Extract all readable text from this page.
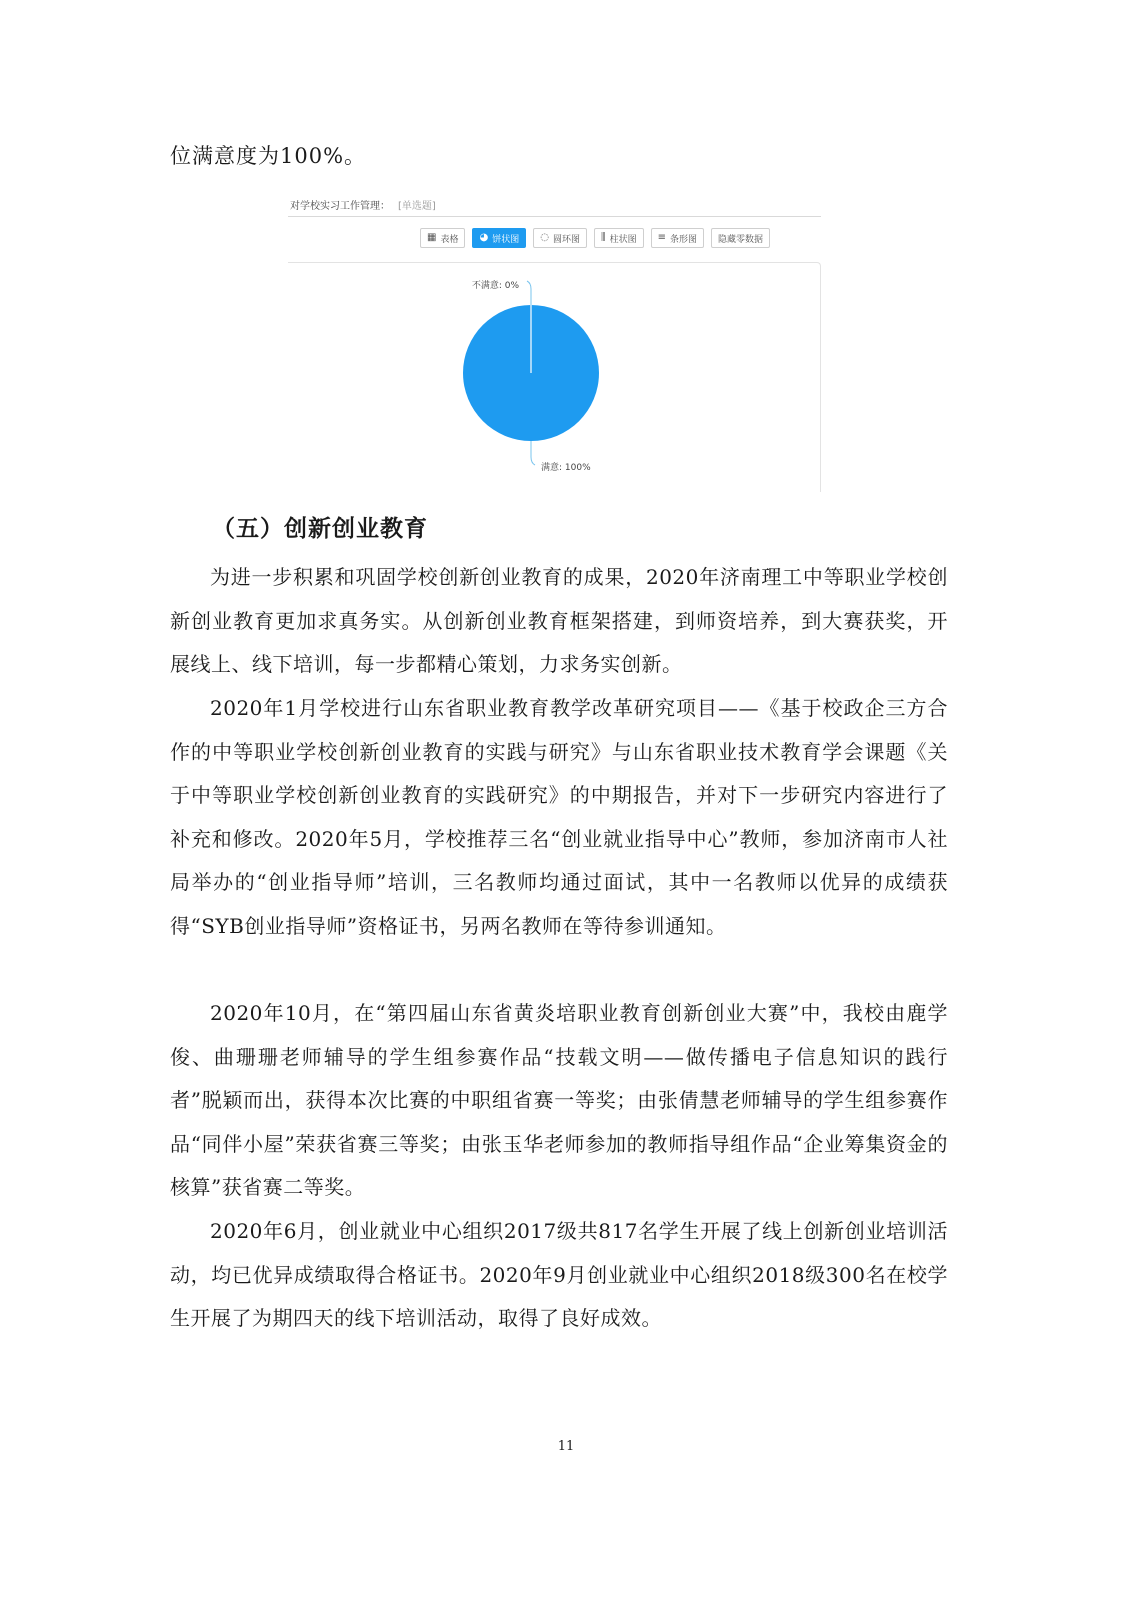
位满意度为100%。
对学校实习工作管理： [单选题]
▦ 表格 ◕ 饼状图 ◌ 圆环图 ⫼ 柱状图 ≡ 条形图 隐藏零数据
不满意: 0%
满意: 100%
（五）创新创业教育

为进一步积累和巩固学校创新创业教育的成果，2020年济南理工中等职业学校创新创业教育更加求真务实。从创新创业教育框架搭建，到师资培养，到大赛获奖，开展线上、线下培训，每一步都精心策划，力求务实创新。

2020年1月学校进行山东省职业教育教学改革研究项目——《基于校政企三方合作的中等职业学校创新创业教育的实践与研究》与山东省职业技术教育学会课题《关于中等职业学校创新创业教育的实践研究》的中期报告，并对下一步研究内容进行了补充和修改。2020年5月，学校推荐三名“创业就业指导中心”教师，参加济南市人社局举办的“创业指导师”培训，三名教师均通过面试，其中一名教师以优异的成绩获得“SYB创业指导师”资格证书，另两名教师在等待参训通知。

2020年10月，在“第四届山东省黄炎培职业教育创新创业大赛”中，我校由鹿学俊、曲珊珊老师辅导的学生组参赛作品“技载文明——做传播电子信息知识的践行者”脱颖而出，获得本次比赛的中职组省赛一等奖；由张倩慧老师辅导的学生组参赛作品“同伴小屋”荣获省赛三等奖；由张玉华老师参加的教师指导组作品“企业筹集资金的核算”获省赛二等奖。

2020年6月，创业就业中心组织2017级共817名学生开展了线上创新创业培训活动，均已优异成绩取得合格证书。2020年9月创业就业中心组织2018级300名在校学生开展了为期四天的线下培训活动，取得了良好成效。

11
